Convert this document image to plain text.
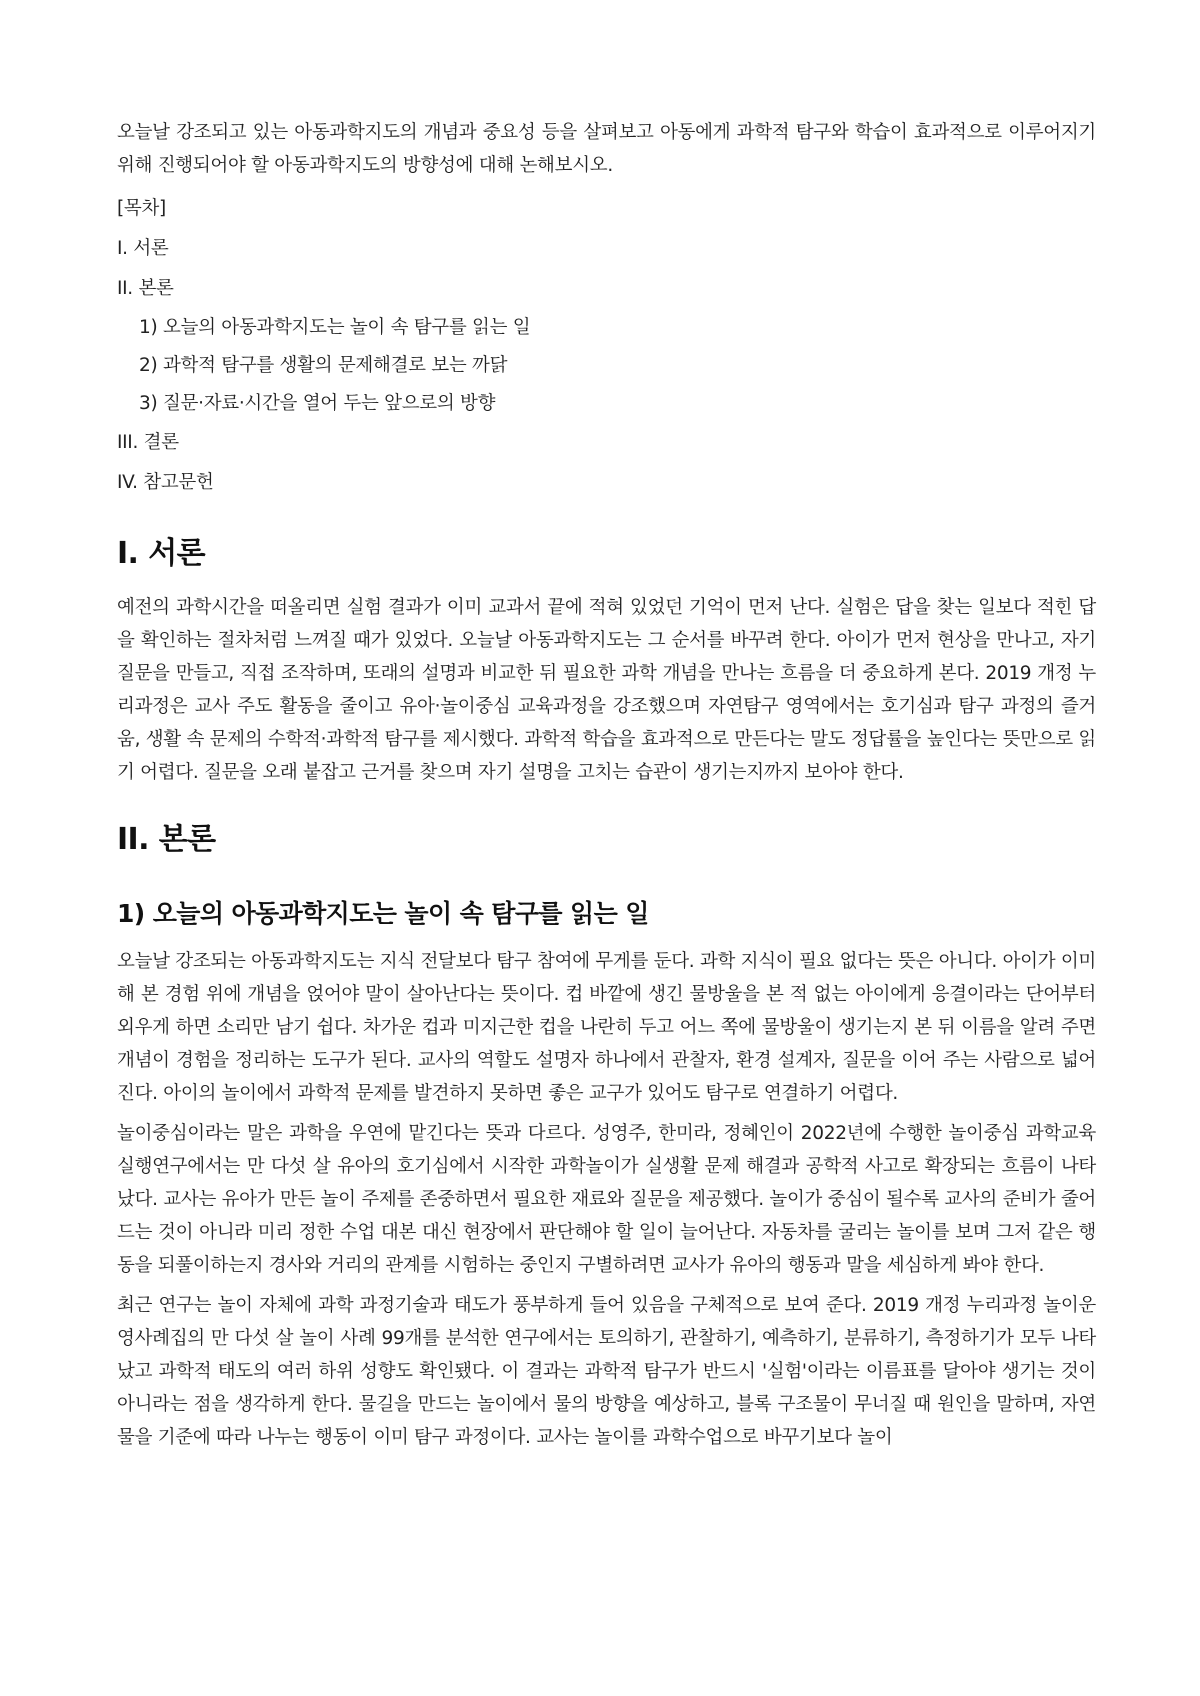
오늘날 강조되고 있는 아동과학지도의 개념과 중요성 등을 살펴보고 아동에게 과학적 탐구와 학습이 효과적으로 이루어지기 위해 진행되어야 할 아동과학지도의 방향성에 대해 논해보시오.

[목차]

I. 서론

II. 본론

1) 오늘의 아동과학지도는 놀이 속 탐구를 읽는 일

2) 과학적 탐구를 생활의 문제해결로 보는 까닭

3) 질문·자료·시간을 열어 두는 앞으로의 방향

III. 결론

IV. 참고문헌

I. 서론

예전의 과학시간을 떠올리면 실험 결과가 이미 교과서 끝에 적혀 있었던 기억이 먼저 난다. 실험은 답을 찾는 일보다 적힌 답을 확인하는 절차처럼 느껴질 때가 있었다. 오늘날 아동과학지도는 그 순서를 바꾸려 한다. 아이가 먼저 현상을 만나고, 자기 질문을 만들고, 직접 조작하며, 또래의 설명과 비교한 뒤 필요한 과학 개념을 만나는 흐름을 더 중요하게 본다. 2019 개정 누리과정은 교사 주도 활동을 줄이고 유아·놀이중심 교육과정을 강조했으며 자연탐구 영역에서는 호기심과 탐구 과정의 즐거움, 생활 속 문제의 수학적·과학적 탐구를 제시했다. 과학적 학습을 효과적으로 만든다는 말도 정답률을 높인다는 뜻만으로 읽기 어렵다. 질문을 오래 붙잡고 근거를 찾으며 자기 설명을 고치는 습관이 생기는지까지 보아야 한다.

II. 본론
1) 오늘의 아동과학지도는 놀이 속 탐구를 읽는 일

오늘날 강조되는 아동과학지도는 지식 전달보다 탐구 참여에 무게를 둔다. 과학 지식이 필요 없다는 뜻은 아니다. 아이가 이미 해 본 경험 위에 개념을 얹어야 말이 살아난다는 뜻이다. 컵 바깥에 생긴 물방울을 본 적 없는 아이에게 응결이라는 단어부터 외우게 하면 소리만 남기 쉽다. 차가운 컵과 미지근한 컵을 나란히 두고 어느 쪽에 물방울이 생기는지 본 뒤 이름을 알려 주면 개념이 경험을 정리하는 도구가 된다. 교사의 역할도 설명자 하나에서 관찰자, 환경 설계자, 질문을 이어 주는 사람으로 넓어진다. 아이의 놀이에서 과학적 문제를 발견하지 못하면 좋은 교구가 있어도 탐구로 연결하기 어렵다.

놀이중심이라는 말은 과학을 우연에 맡긴다는 뜻과 다르다. 성영주, 한미라, 정혜인이 2022년에 수행한 놀이중심 과학교육 실행연구에서는 만 다섯 살 유아의 호기심에서 시작한 과학놀이가 실생활 문제 해결과 공학적 사고로 확장되는 흐름이 나타났다. 교사는 유아가 만든 놀이 주제를 존중하면서 필요한 재료와 질문을 제공했다. 놀이가 중심이 될수록 교사의 준비가 줄어드는 것이 아니라 미리 정한 수업 대본 대신 현장에서 판단해야 할 일이 늘어난다. 자동차를 굴리는 놀이를 보며 그저 같은 행동을 되풀이하는지 경사와 거리의 관계를 시험하는 중인지 구별하려면 교사가 유아의 행동과 말을 세심하게 봐야 한다.

최근 연구는 놀이 자체에 과학 과정기술과 태도가 풍부하게 들어 있음을 구체적으로 보여 준다. 2019 개정 누리과정 놀이운영사례집의 만 다섯 살 놀이 사례 99개를 분석한 연구에서는 토의하기, 관찰하기, 예측하기, 분류하기, 측정하기가 모두 나타났고 과학적 태도의 여러 하위 성향도 확인됐다. 이 결과는 과학적 탐구가 반드시 '실험'이라는 이름표를 달아야 생기는 것이 아니라는 점을 생각하게 한다. 물길을 만드는 놀이에서 물의 방향을 예상하고, 블록 구조물이 무너질 때 원인을 말하며, 자연물을 기준에 따라 나누는 행동이 이미 탐구 과정이다. 교사는 놀이를 과학수업으로 바꾸기보다 놀이
